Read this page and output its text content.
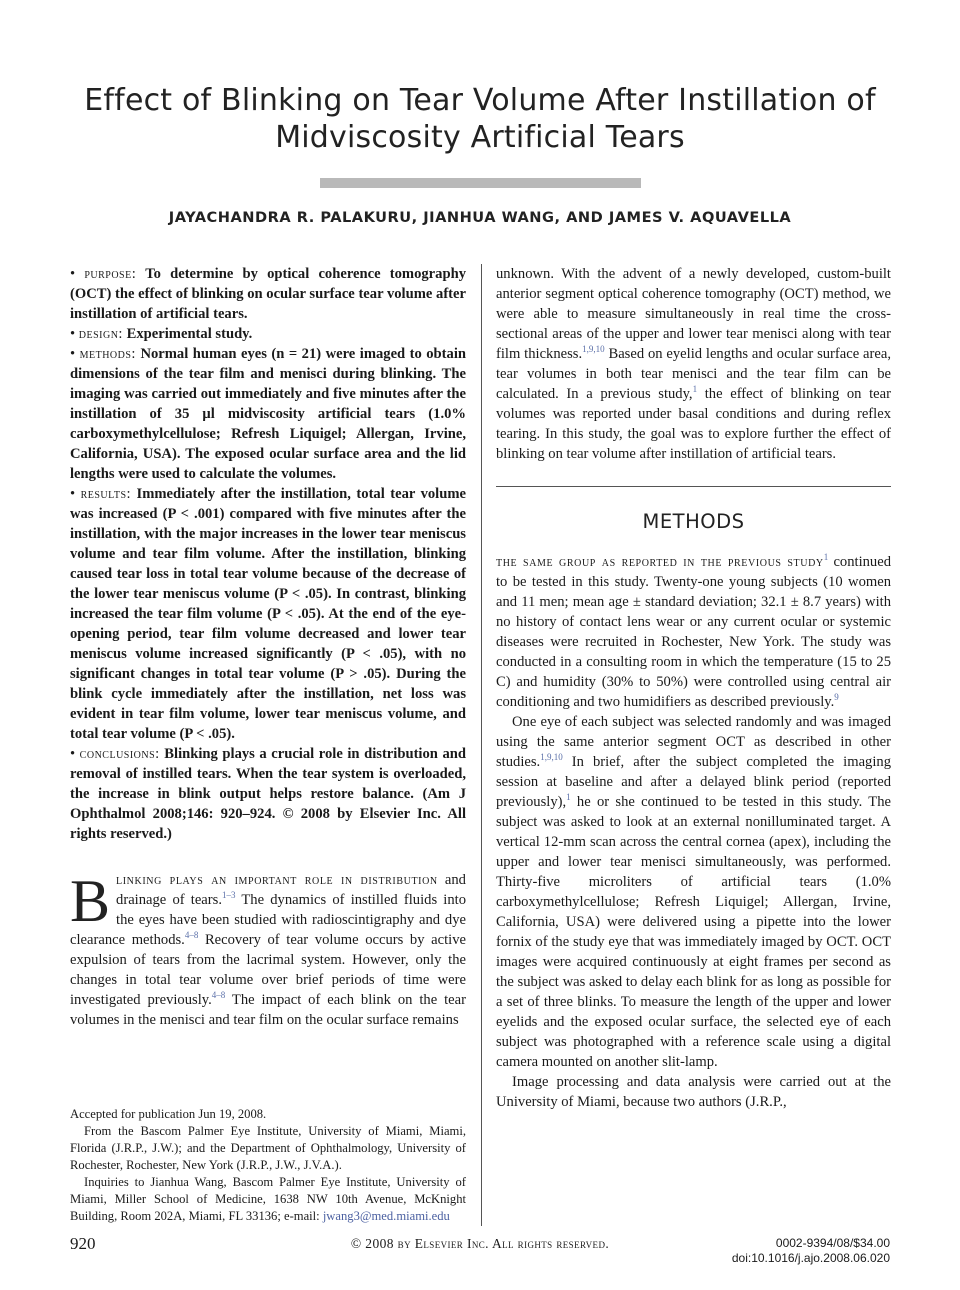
Effect of Blinking on Tear Volume After Instillation of Midviscosity Artificial Tears
JAYACHANDRA R. PALAKURU, JIANHUA WANG, AND JAMES V. AQUAVELLA

• purpose: To determine by optical coherence tomography (OCT) the effect of blinking on ocular surface tear volume after instillation of artificial tears.

• design: Experimental study.

• methods: Normal human eyes (n = 21) were imaged to obtain dimensions of the tear film and menisci during blinking. The imaging was carried out immediately and five minutes after the instillation of 35 μl midviscosity artificial tears (1.0% carboxymethylcellulose; Refresh Liquigel; Allergan, Irvine, California, USA). The exposed ocular surface area and the lid lengths were used to calculate the volumes.

• results: Immediately after the instillation, total tear volume was increased (P < .001) compared with five minutes after the instillation, with the major increases in the lower tear meniscus volume and tear film volume. After the instillation, blinking caused tear loss in total tear volume because of the decrease of the lower tear meniscus volume (P < .05). In contrast, blinking increased the tear film volume (P < .05). At the end of the eye-opening period, tear film volume decreased and lower tear meniscus volume increased significantly (P < .05), with no significant changes in total tear volume (P > .05). During the blink cycle immediately after the instillation, net loss was evident in tear film volume, lower tear meniscus volume, and total tear volume (P < .05).

• conclusions: Blinking plays a crucial role in distribution and removal of instilled tears. When the tear system is overloaded, the increase in blink output helps restore balance. (Am J Ophthalmol 2008;146: 920–924. © 2008 by Elsevier Inc. All rights reserved.)

Blinking plays an important role in distribution and drainage of tears.$^{1-3}$ The dynamics of instilled fluids into the eyes have been studied with radioscintigraphy and dye clearance methods.$^{4-8}$ Recovery of tear volume occurs by active expulsion of tears from the lacrimal system. However, only the changes in total tear volume over brief periods of time were investigated previously.$^{4-8}$ The impact of each blink on the tear volumes in the menisci and tear film on the ocular surface remains

unknown. With the advent of a newly developed, custom-built anterior segment optical coherence tomography (OCT) method, we were able to measure simultaneously in real time the cross-sectional areas of the upper and lower tear menisci along with tear film thickness.$^{1,9,10}$ Based on eyelid lengths and ocular surface area, tear volumes in both tear menisci and the tear film can be calculated. In a previous study,$^1$ the effect of blinking on tear volumes was reported under basal conditions and during reflex tearing. In this study, the goal was to explore further the effect of blinking on tear volume after instillation of artificial tears.

METHODS

the same group as reported in the previous study$^1$ continued to be tested in this study. Twenty-one young subjects (10 women and 11 men; mean age ± standard deviation; 32.1 ± 8.7 years) with no history of contact lens wear or any current ocular or systemic diseases were recruited in Rochester, New York. The study was conducted in a consulting room in which the temperature (15 to 25 C) and humidity (30% to 50%) were controlled using central air conditioning and two humidifiers as described previously.$^9$

One eye of each subject was selected randomly and was imaged using the same anterior segment OCT as described in other studies.$^{1,9,10}$ In brief, after the subject completed the imaging session at baseline and after a delayed blink period (reported previously),$^1$ he or she continued to be tested in this study. The subject was asked to look at an external nonilluminated target. A vertical 12-mm scan across the central cornea (apex), including the upper and lower tear menisci simultaneously, was performed. Thirty-five microliters of artificial tears (1.0% carboxymethylcellulose; Refresh Liquigel; Allergan, Irvine, California, USA) were delivered using a pipette into the lower fornix of the study eye that was immediately imaged by OCT. OCT images were acquired continuously at eight frames per second as the subject was asked to delay each blink for as long as possible for a set of three blinks. To measure the length of the upper and lower eyelids and the exposed ocular surface, the selected eye of each subject was photographed with a reference scale using a digital camera mounted on another slit-lamp.

Image processing and data analysis were carried out at the University of Miami, because two authors (J.R.P.,

Accepted for publication Jun 19, 2008.

From the Bascom Palmer Eye Institute, University of Miami, Miami, Florida (J.R.P., J.W.); and the Department of Ophthalmology, University of Rochester, Rochester, New York (J.R.P., J.W., J.V.A.).

Inquiries to Jianhua Wang, Bascom Palmer Eye Institute, University of Miami, Miller School of Medicine, 1638 NW 10th Avenue, McKnight Building, Room 202A, Miami, FL 33136; e-mail: jwang3@med.miami.edu

920	© 2008 by Elsevier Inc. All rights reserved.	0002-9394/08/$34.00
doi:10.1016/j.ajo.2008.06.020
